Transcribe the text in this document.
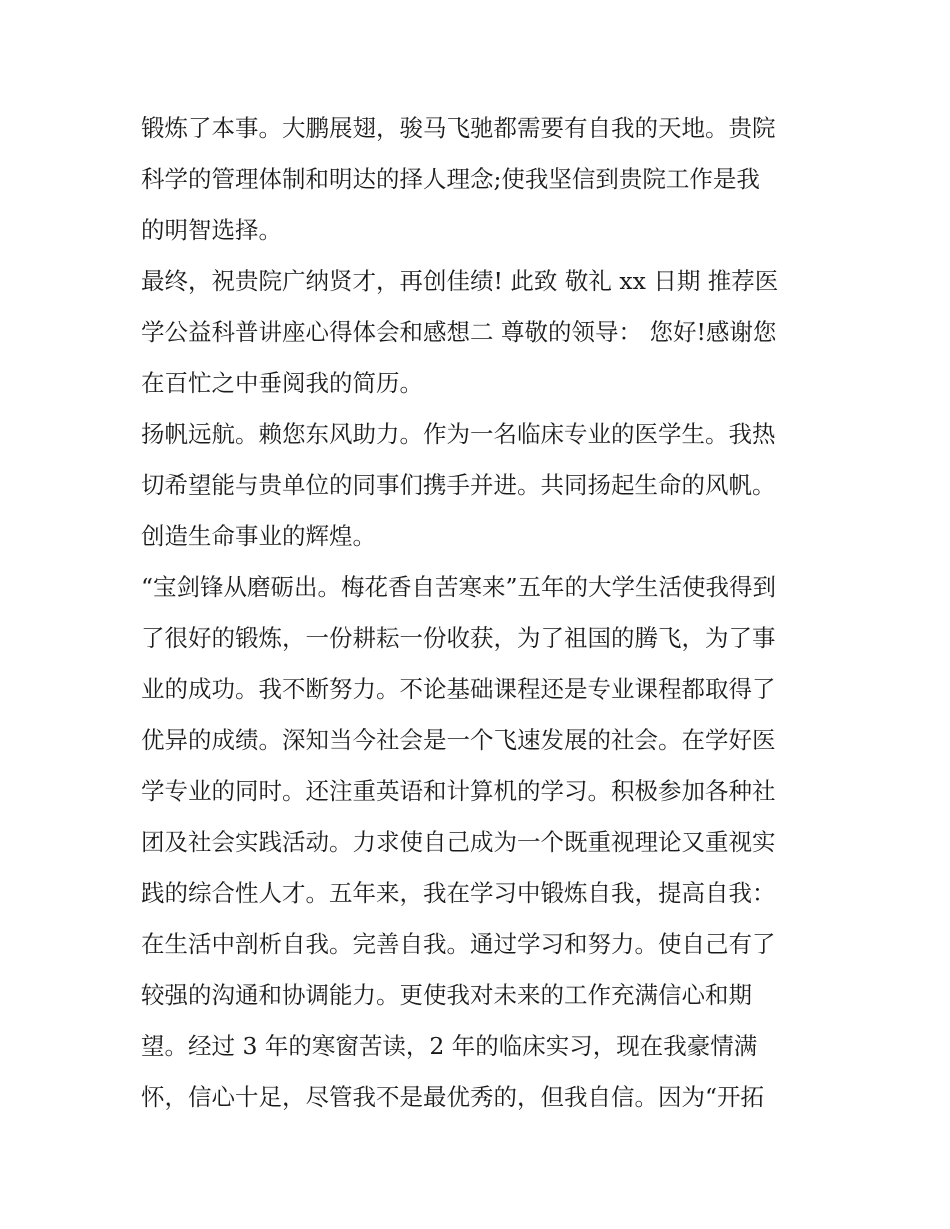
锻炼了本事。大鹏展翅，骏马飞驰都需要有自我的天地。贵院
科学的管理体制和明达的择人理念;使我坚信到贵院工作是我
的明智选择。
最终，祝贵院广纳贤才，再创佳绩! 此致 敬礼 xx 日期 推荐医
学公益科普讲座心得体会和感想二 尊敬的领导： 您好!感谢您
在百忙之中垂阅我的简历。
扬帆远航。赖您东风助力。作为一名临床专业的医学生。我热
切希望能与贵单位的同事们携手并进。共同扬起生命的风帆。
创造生命事业的辉煌。
“宝剑锋从磨砺出。梅花香自苦寒来”五年的大学生活使我得到
了很好的锻炼，一份耕耘一份收获，为了祖国的腾飞，为了事
业的成功。我不断努力。不论基础课程还是专业课程都取得了
优异的成绩。深知当今社会是一个飞速发展的社会。在学好医
学专业的同时。还注重英语和计算机的学习。积极参加各种社
团及社会实践活动。力求使自己成为一个既重视理论又重视实
践的综合性人才。五年来，我在学习中锻炼自我，提高自我：
在生活中剖析自我。完善自我。通过学习和努力。使自己有了
较强的沟通和协调能力。更使我对未来的工作充满信心和期
望。经过 3 年的寒窗苦读，2 年的临床实习，现在我豪情满
怀，信心十足，尽管我不是最优秀的，但我自信。因为“开拓
